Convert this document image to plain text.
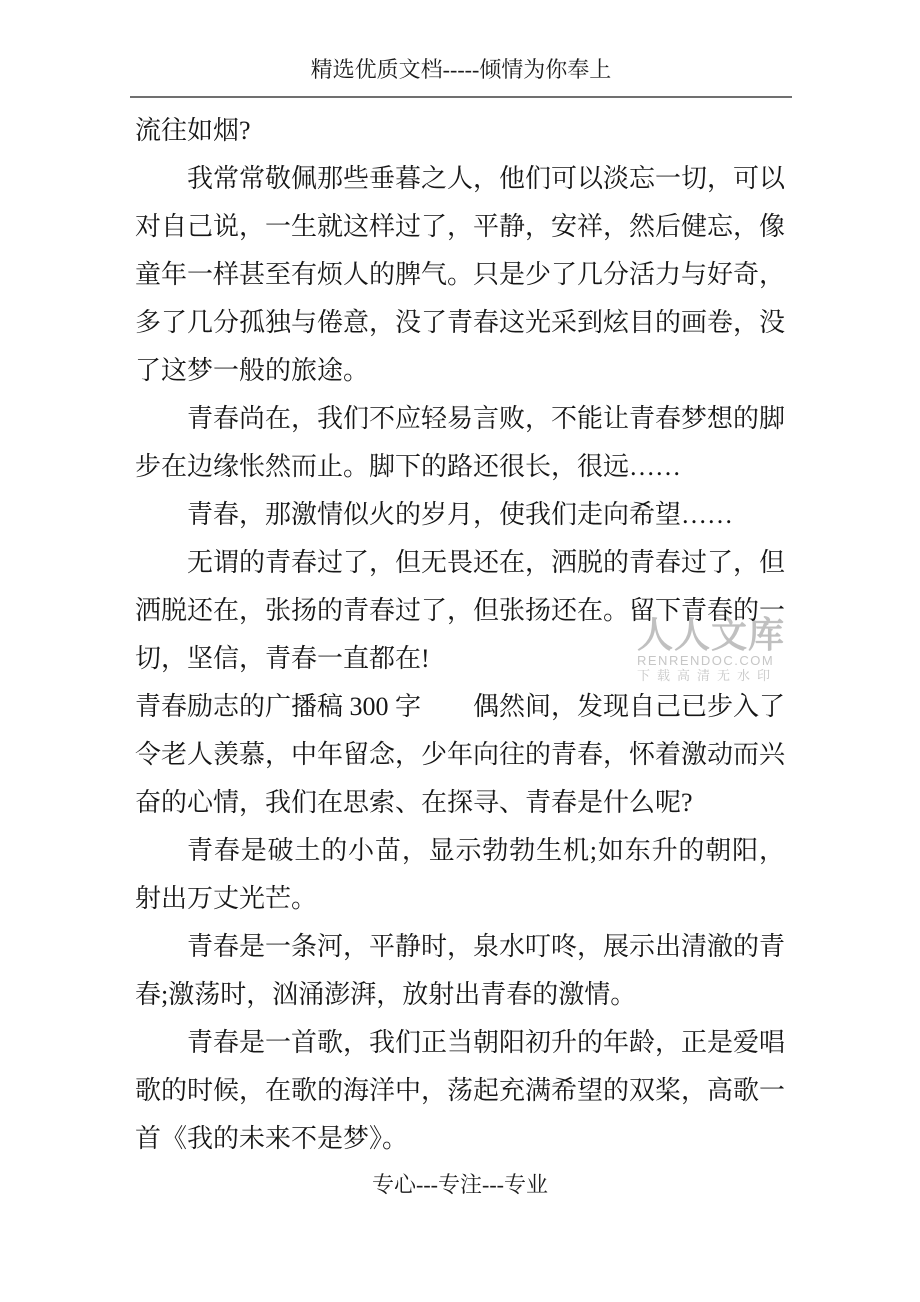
精选优质文档-----倾情为你奉上
人人文库
RENRENDOC.COM
下载高清无水印

流往如烟?

我常常敬佩那些垂暮之人，他们可以淡忘一切，可以对自己说，一生就这样过了，平静，安祥，然后健忘，像童年一样甚至有烦人的脾气。只是少了几分活力与好奇，多了几分孤独与倦意，没了青春这光采到炫目的画卷，没了这梦一般的旅途。

青春尚在，我们不应轻易言败，不能让青春梦想的脚步在边缘怅然而止。脚下的路还很长，很远……

青春，那激情似火的岁月，使我们走向希望……

无谓的青春过了，但无畏还在，洒脱的青春过了，但洒脱还在，张扬的青春过了，但张扬还在。留下青春的一切，坚信，青春一直都在!

青春励志的广播稿 300 字　　偶然间，发现自己已步入了令老人羡慕，中年留念，少年向往的青春，怀着激动而兴奋的心情，我们在思索、在探寻、青春是什么呢?

青春是破土的小苗，显示勃勃生机;如东升的朝阳，射出万丈光芒。

青春是一条河，平静时，泉水叮咚，展示出清澈的青春;激荡时，汹涌澎湃，放射出青春的激情。

青春是一首歌，我们正当朝阳初升的年龄，正是爱唱歌的时候，在歌的海洋中，荡起充满希望的双桨，高歌一首《我的未来不是梦》。

专心---专注---专业
